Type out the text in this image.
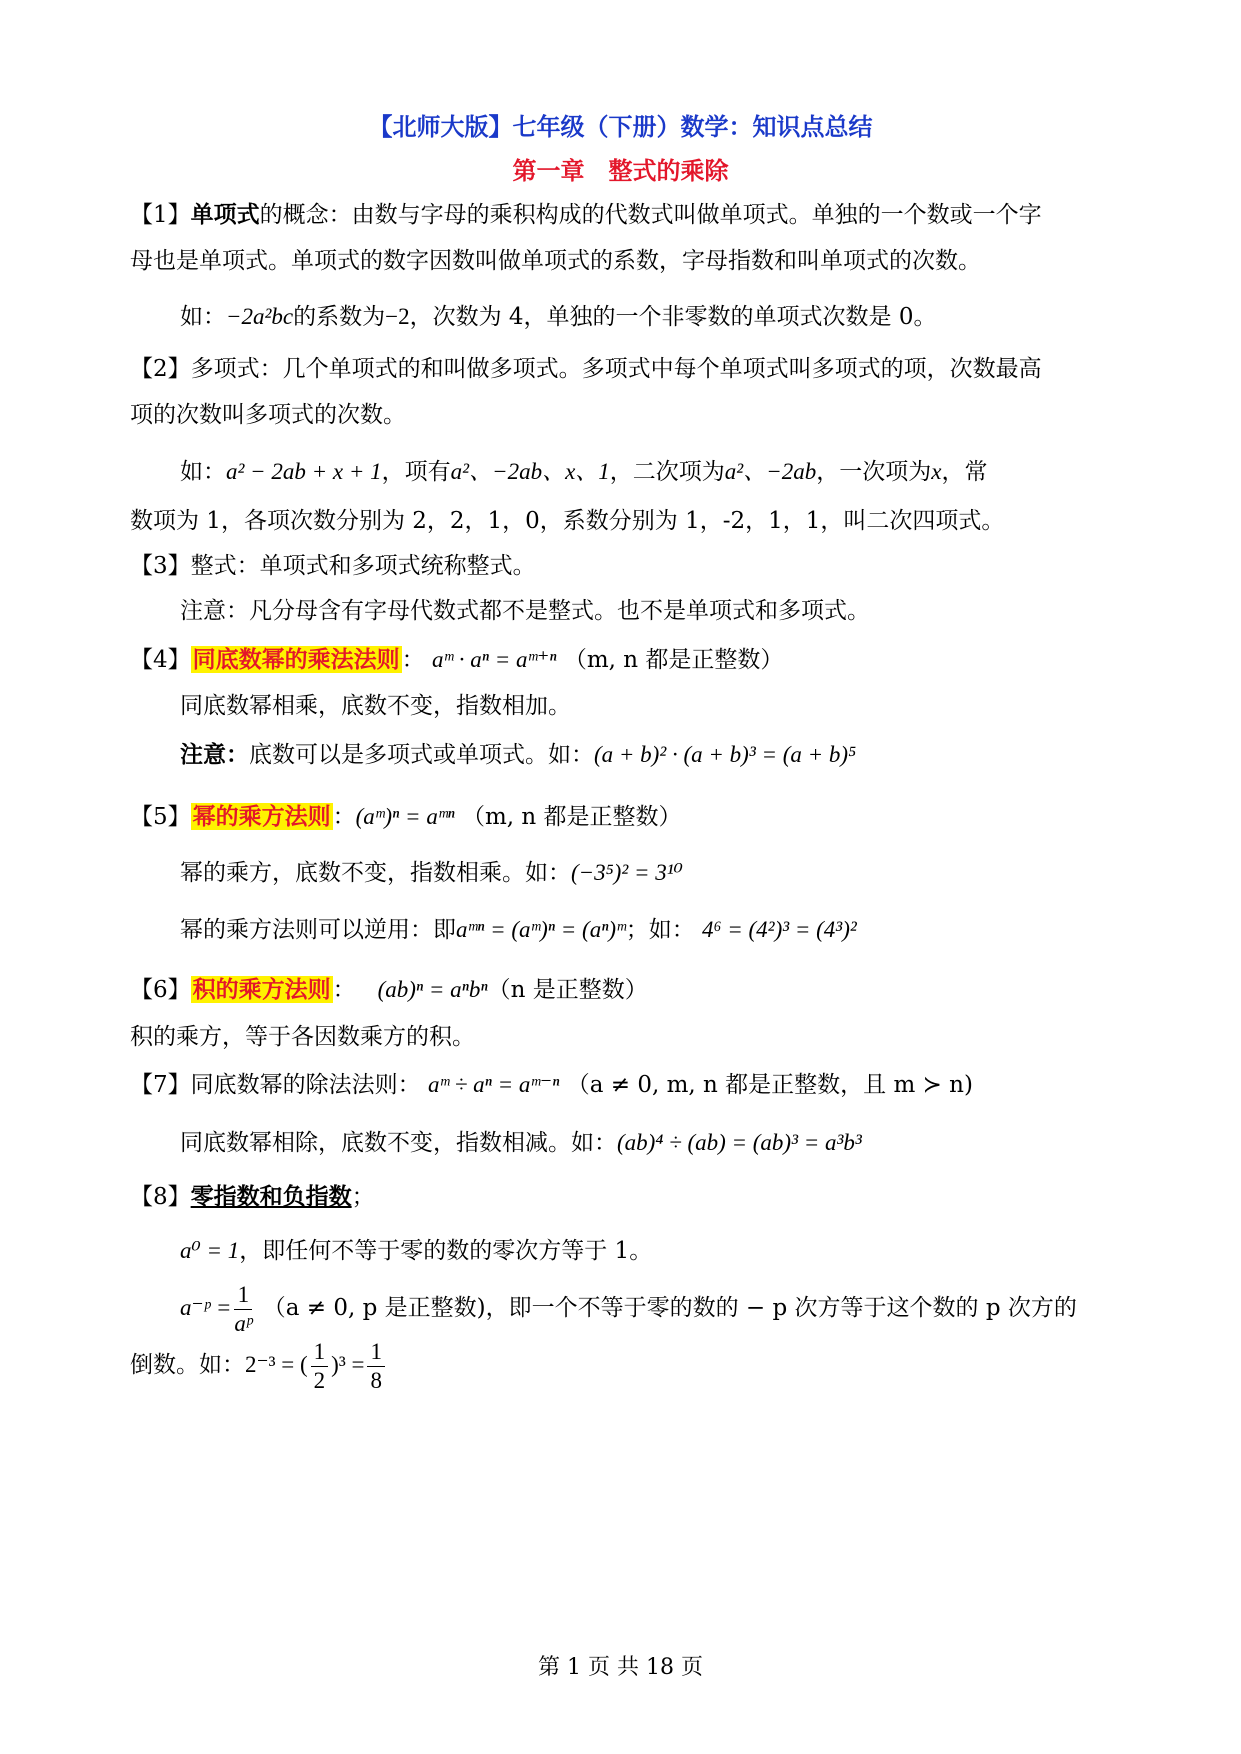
【北师大版】七年级（下册）数学：知识点总结
第一章　整式的乘除
【1】单项式的概念：由数与字母的乘积构成的代数式叫做单项式。单独的一个数或一个字
母也是单项式。单项式的数字因数叫做单项式的系数，字母指数和叫单项式的次数。
如：−2a²bc的系数为−2，次数为 4，单独的一个非零数的单项式次数是 0。
【2】多项式：几个单项式的和叫做多项式。多项式中每个单项式叫多项式的项，次数最高
项的次数叫多项式的次数。
如：a² − 2ab + x + 1，项有a²、−2ab、x、1，二次项为a²、−2ab，一次项为x，常
数项为 1，各项次数分别为 2，2，1，0，系数分别为 1，-2，1，1，叫二次四项式。
【3】整式：单项式和多项式统称整式。
注意：凡分母含有字母代数式都不是整式。也不是单项式和多项式。
【4】同底数幂的乘法法则： aᵐ · aⁿ = aᵐ⁺ⁿ （m, n 都是正整数）
同底数幂相乘，底数不变，指数相加。
注意：底数可以是多项式或单项式。如：(a + b)² · (a + b)³ = (a + b)⁵
【5】幂的乘方法则：(aᵐ)ⁿ = aᵐⁿ （m, n 都是正整数）
幂的乘方，底数不变，指数相乘。如：(−3⁵)² = 3¹⁰
幂的乘方法则可以逆用：即aᵐⁿ = (aᵐ)ⁿ = (aⁿ)ᵐ；如： 4⁶ = (4²)³ = (4³)²
【6】积的乘方法则： (ab)ⁿ = aⁿbⁿ（n 是正整数）
积的乘方，等于各因数乘方的积。
【7】同底数幂的除法法则： aᵐ ÷ aⁿ = aᵐ⁻ⁿ （a ≠ 0, m, n 都是正整数，且 m ≻ n)
同底数幂相除，底数不变，指数相减。如：(ab)⁴ ÷ (ab) = (ab)³ = a³b³
【8】零指数和负指数；
a⁰ = 1，即任何不等于零的数的零次方等于 1。
a⁻ᵖ = $\frac{1}{\text{aᵖ}} (a \ne 0$, p 是正整数)，即一个不等于零的数的 − p 次方等于这个数的 p 次方的
倒数。如：2⁻³ = ( $\frac{1}{2} )^3 = \frac{1}{8}$
第 1 页 共 18 页
